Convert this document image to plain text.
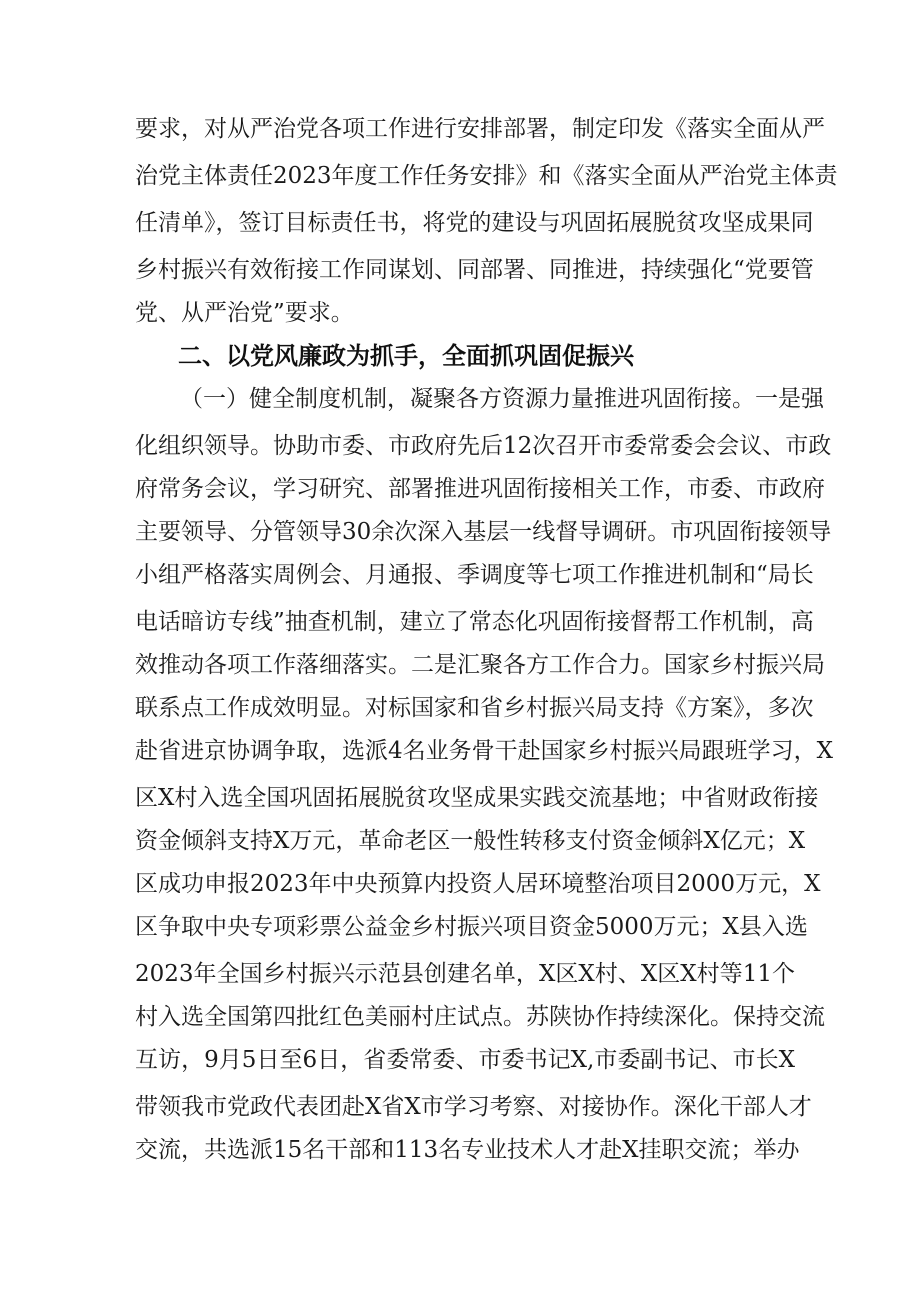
要求，对从严治党各项工作进行安排部署，制定印发《落实全面从严
治党主体责任2023年度工作任务安排》和《落实全面从严治党主体责
任清单》，签订目标责任书，将党的建设与巩固拓展脱贫攻坚成果同
乡村振兴有效衔接工作同谋划、同部署、同推进，持续强化“党要管
党、从严治党”要求。
二、以党风廉政为抓手，全面抓巩固促振兴
（一）健全制度机制，凝聚各方资源力量推进巩固衔接。一是强
化组织领导。协助市委、市政府先后12次召开市委常委会会议、市政
府常务会议，学习研究、部署推进巩固衔接相关工作，市委、市政府
主要领导、分管领导30余次深入基层一线督导调研。市巩固衔接领导
小组严格落实周例会、月通报、季调度等七项工作推进机制和“局长
电话暗访专线”抽查机制，建立了常态化巩固衔接督帮工作机制，高
效推动各项工作落细落实。二是汇聚各方工作合力。国家乡村振兴局
联系点工作成效明显。对标国家和省乡村振兴局支持《方案》，多次
赴省进京协调争取，选派4名业务骨干赴国家乡村振兴局跟班学习，X
区X村入选全国巩固拓展脱贫攻坚成果实践交流基地；中省财政衔接
资金倾斜支持X万元，革命老区一般性转移支付资金倾斜X亿元；X
区成功申报2023年中央预算内投资人居环境整治项目2000万元，X
区争取中央专项彩票公益金乡村振兴项目资金5000万元；X县入选
2023年全国乡村振兴示范县创建名单，X区X村、X区X村等11个
村入选全国第四批红色美丽村庄试点。苏陕协作持续深化。保持交流
互访，9月5日至6日，省委常委、市委书记X,市委副书记、市长X
带领我市党政代表团赴X省X市学习考察、对接协作。深化干部人才
交流，共选派15名干部和113名专业技术人才赴X挂职交流；举办
